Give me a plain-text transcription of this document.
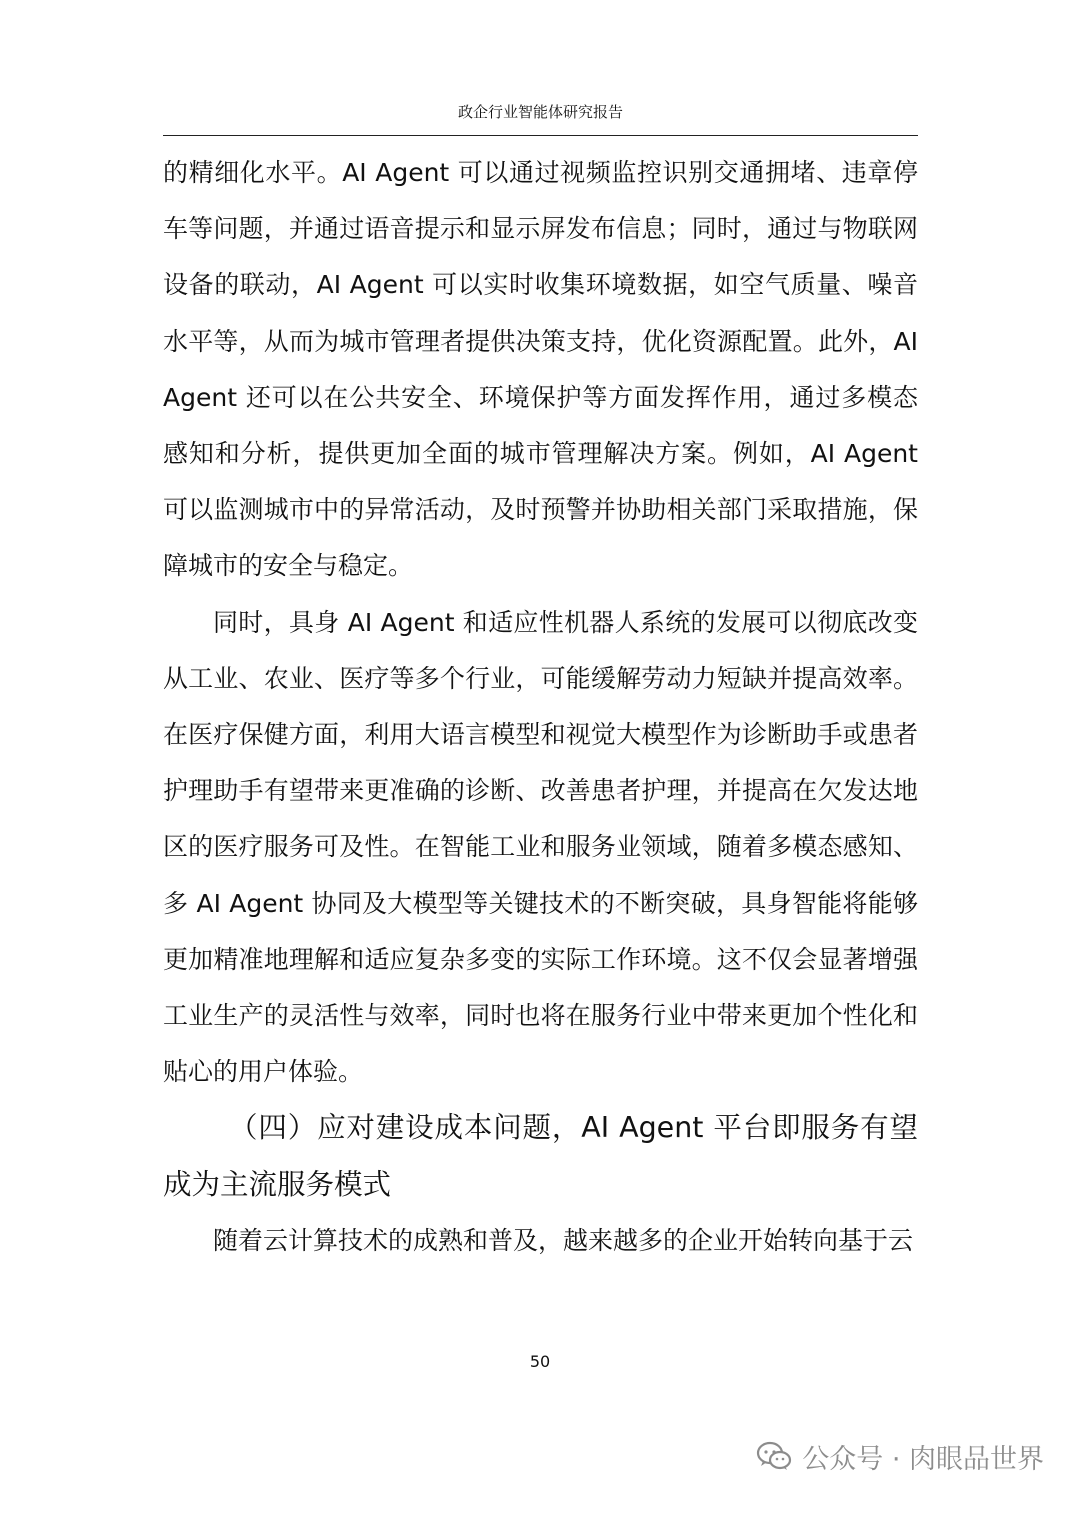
政企行业智能体研究报告

的精细化水平。AI Agent 可以通过视频监控识别交通拥堵、违章停车等问题，并通过语音提示和显示屏发布信息；同时，通过与物联网设备的联动，AI Agent 可以实时收集环境数据，如空气质量、噪音水平等，从而为城市管理者提供决策支持，优化资源配置。此外，AI Agent 还可以在公共安全、环境保护等方面发挥作用，通过多模态感知和分析，提供更加全面的城市管理解决方案。例如，AI Agent 可以监测城市中的异常活动，及时预警并协助相关部门采取措施，保障城市的安全与稳定。

同时，具身 AI Agent 和适应性机器人系统的发展可以彻底改变从工业、农业、医疗等多个行业，可能缓解劳动力短缺并提高效率。在医疗保健方面，利用大语言模型和视觉大模型作为诊断助手或患者护理助手有望带来更准确的诊断、改善患者护理，并提高在欠发达地区的医疗服务可及性。在智能工业和服务业领域，随着多模态感知、多 AI Agent 协同及大模型等关键技术的不断突破，具身智能将能够更加精准地理解和适应复杂多变的实际工作环境。这不仅会显著增强工业生产的灵活性与效率，同时也将在服务行业中带来更加个性化和贴心的用户体验。

（四）应对建设成本问题，AI Agent 平台即服务有望成为主流服务模式

随着云计算技术的成熟和普及，越来越多的企业开始转向基于云

50
公众号 · 肉眼品世界
